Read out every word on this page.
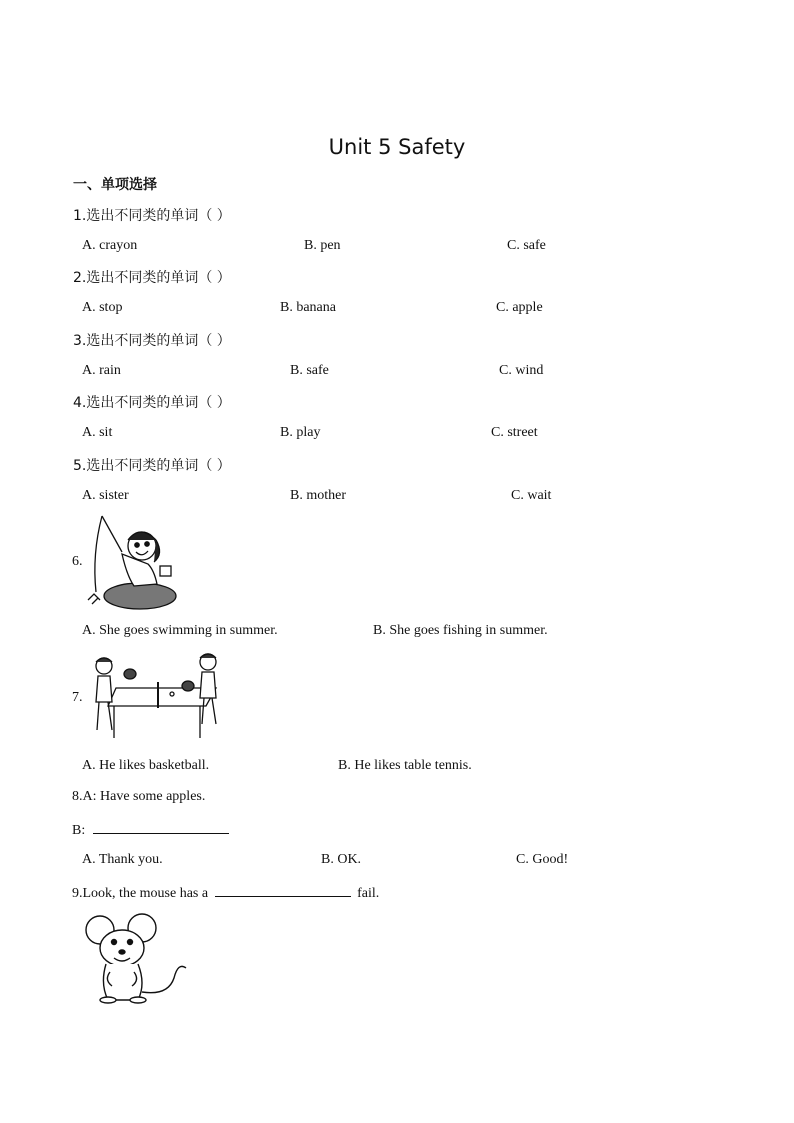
Unit 5 Safety
一、单项选择
1.选出不同类的单词（ ）
A. crayon	B. pen	C. safe
2.选出不同类的单词（ ）
A. stop	B. banana	C. apple
3.选出不同类的单词（ ）
A. rain	B. safe	C. wind
4.选出不同类的单词（ ）
A. sit	B. play	C. street
5.选出不同类的单词（ ）
A. sister	B. mother	C. wait
6.
A. She goes swimming in summer.	B. She goes fishing in summer.
7.
A. He likes basketball.	B. He likes table tennis.
8.A: Have some apples.
B:
A. Thank you.	B. OK.	C. Good!
9.Look, the mouse has a	fail.
